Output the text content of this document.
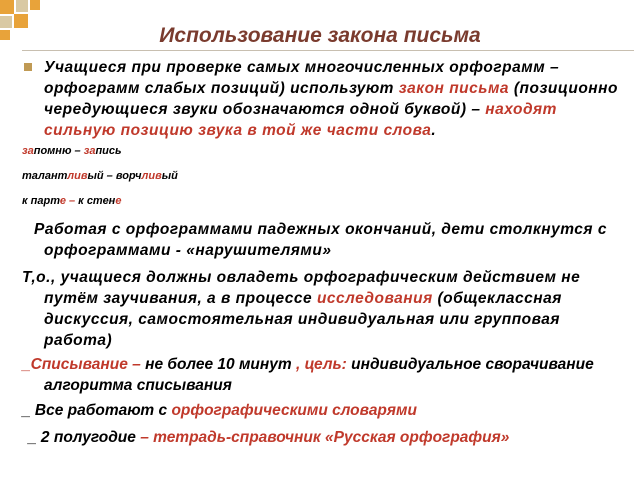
Использование закона письма
Учащиеся при проверке самых многочисленных орфограмм – орфограмм слабых позиций) используют закон письма (позиционно чередующиеся звуки обозначаются одной буквой) – находят сильную позицию звука в той же части слова.
запомню – запись
талантливый – ворчливый
к парте – к стене
Работая с орфограммами падежных окончаний, дети столкнутся с орфограммами - «нарушителями»
Т,о., учащиеся должны овладеть орфографическим действием не путём заучивания, а в процессе исследования (общеклассная дискуссия, самостоятельная индивидуальная или групповая работа)
_Списывание – не более 10 минут , цель: индивидуальное сворачивание алгоритма списывания
_ Все работают с орфографическими словарями
_ 2 полугодие – тетрадь-справочник «Русская орфография»
